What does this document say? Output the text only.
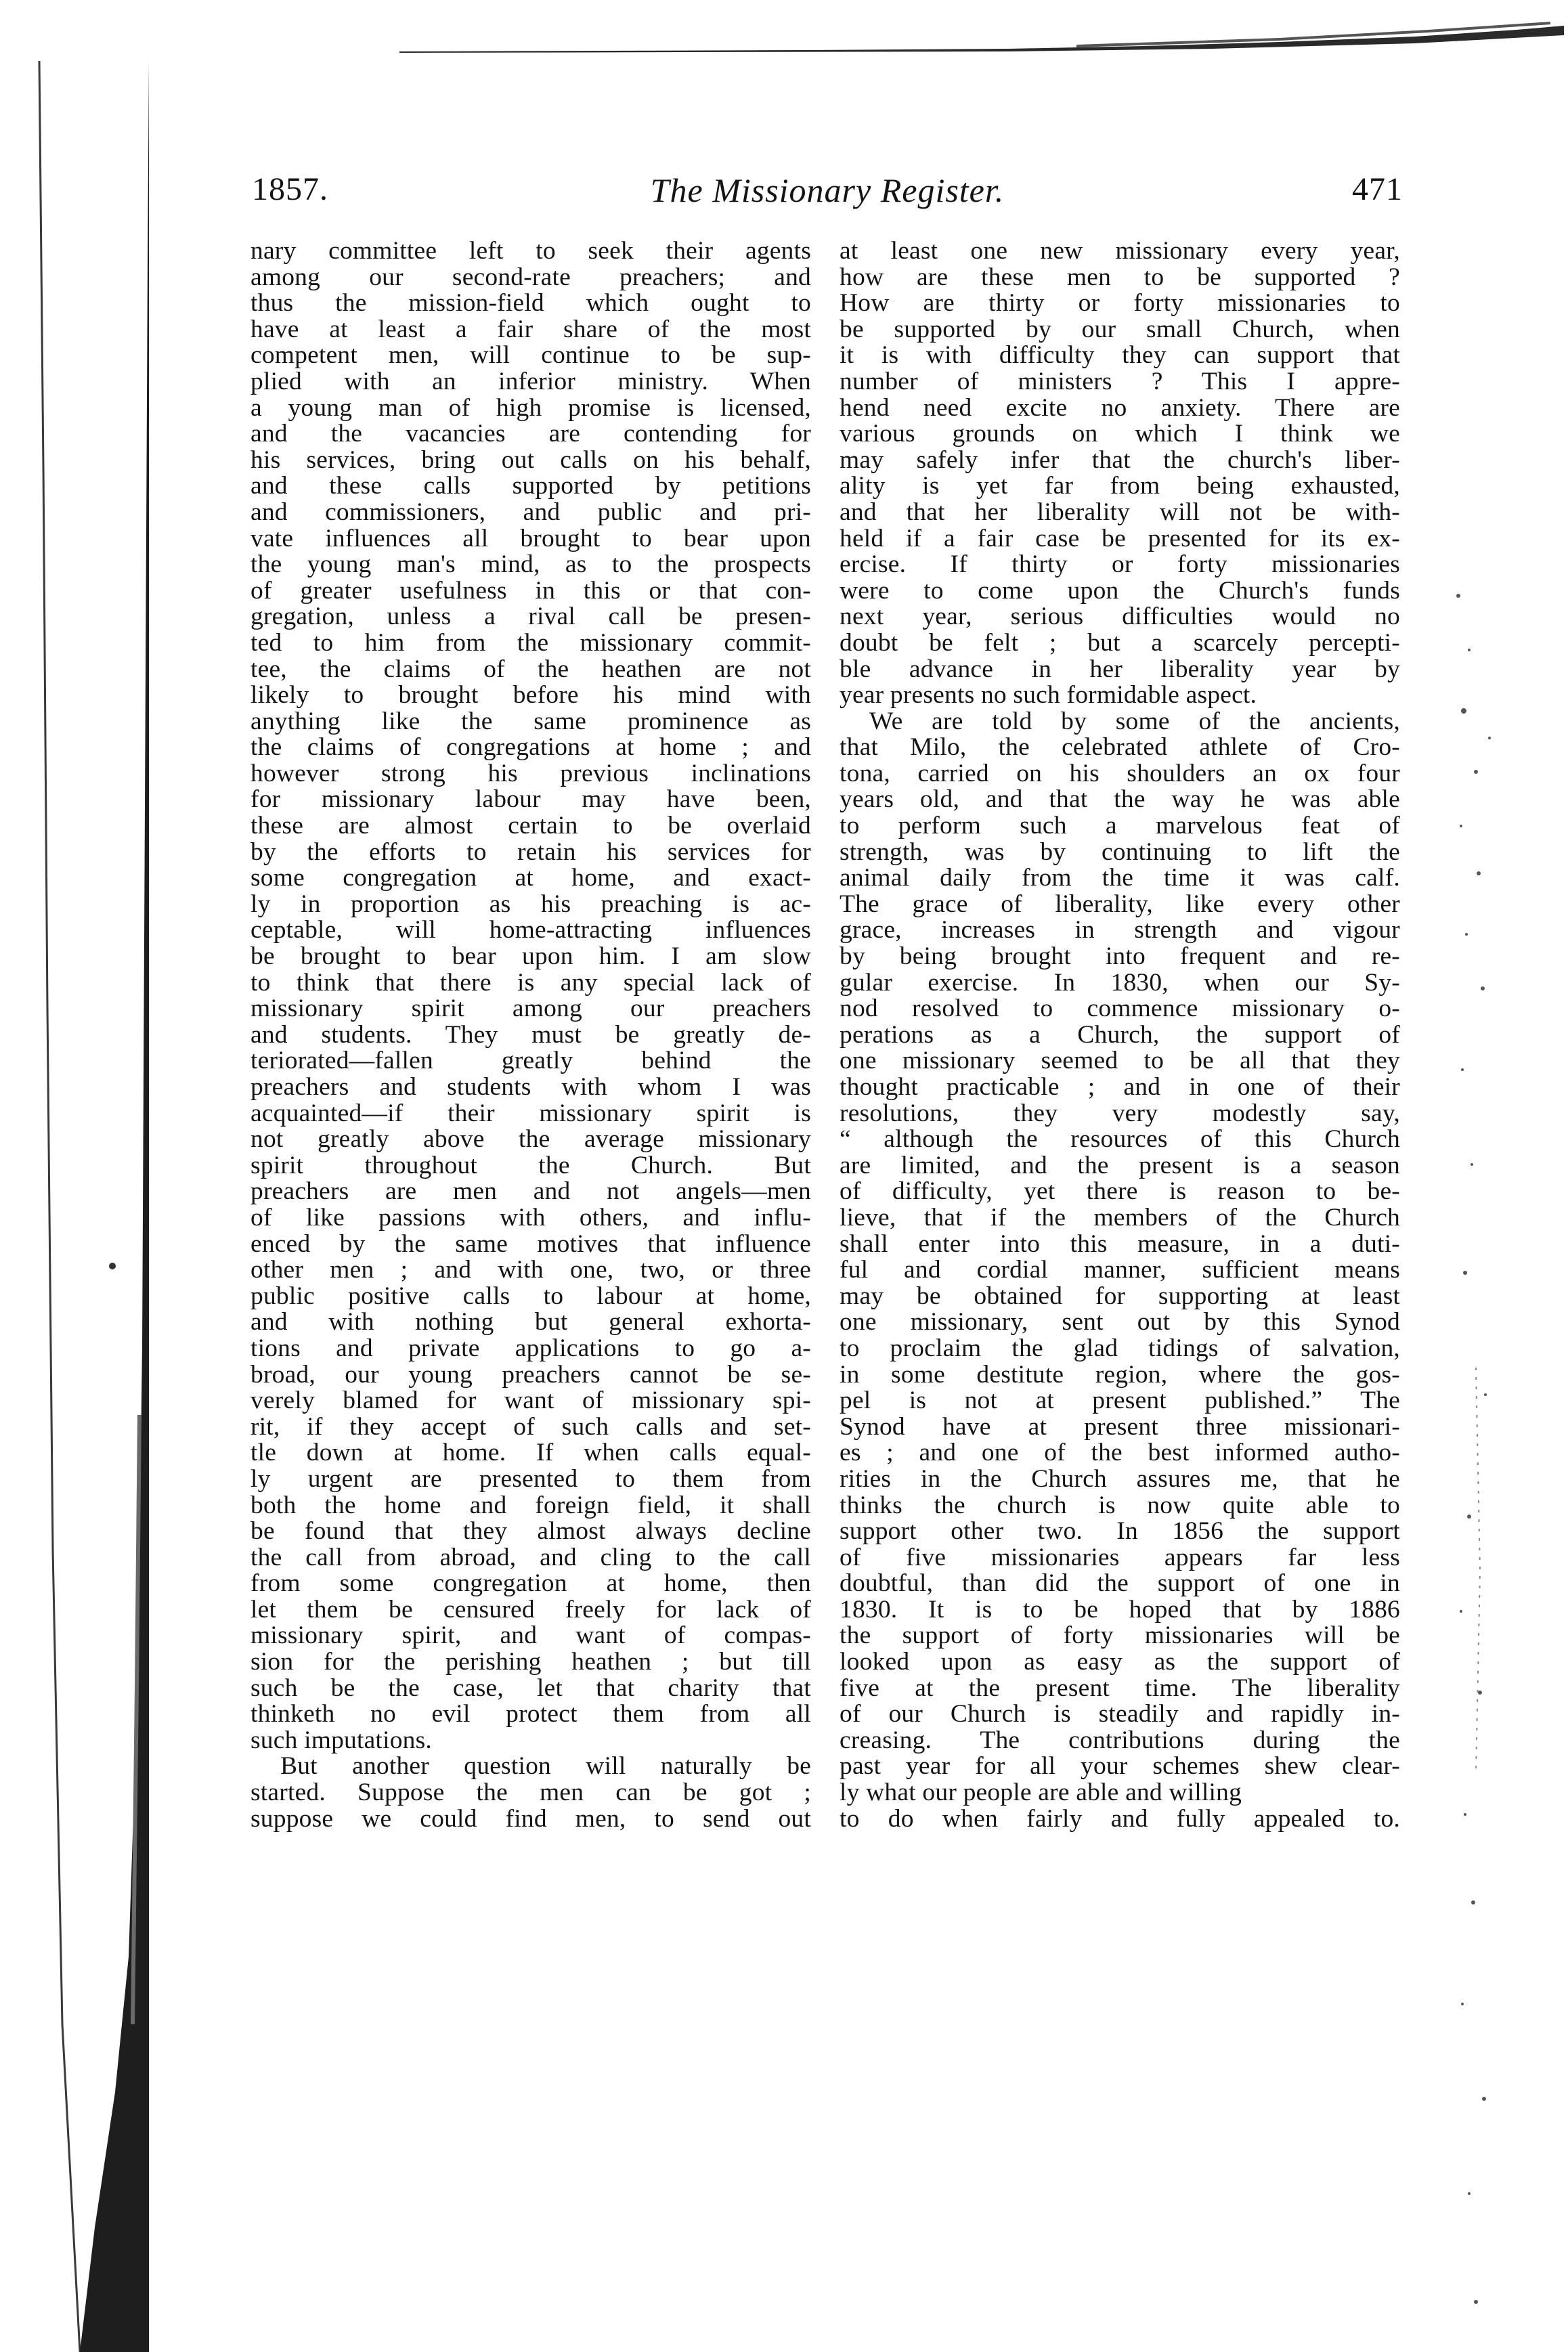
1857.	The Missionary Register.	471
nary committee left to seek their agents
among our second-rate preachers; and
thus the mission-field which ought to
have at least a fair share of the most
competent men, will continue to be sup-
plied with an inferior ministry. When
a young man of high promise is licensed,
and the vacancies are contending for
his services, bring out calls on his behalf,
and these calls supported by petitions
and commissioners, and public and pri-
vate influences all brought to bear upon
the young man's mind, as to the prospects
of greater usefulness in this or that con-
gregation, unless a rival call be presen-
ted to him from the missionary commit-
tee, the claims of the heathen are not
likely to brought before his mind with
anything like the same prominence as
the claims of congregations at home ; and
however strong his previous inclinations
for missionary labour may have been,
these are almost certain to be overlaid
by the efforts to retain his services for
some congregation at home, and exact-
ly in proportion as his preaching is ac-
ceptable, will home-attracting influences
be brought to bear upon him. I am slow
to think that there is any special lack of
missionary spirit among our preachers
and students. They must be greatly de-
teriorated—fallen greatly behind the
preachers and students with whom I was
acquainted—if their missionary spirit is
not greatly above the average missionary
spirit throughout the Church. But
preachers are men and not angels—men
of like passions with others, and influ-
enced by the same motives that influence
other men ; and with one, two, or three
public positive calls to labour at home,
and with nothing but general exhorta-
tions and private applications to go a-
broad, our young preachers cannot be se-
verely blamed for want of missionary spi-
rit, if they accept of such calls and set-
tle down at home. If when calls equal-
ly urgent are presented to them from
both the home and foreign field, it shall
be found that they almost always decline
the call from abroad, and cling to the call
from some congregation at home, then
let them be censured freely for lack of
missionary spirit, and want of compas-
sion for the perishing heathen ; but till
such be the case, let that charity that
thinketh no evil protect them from all
such imputations.
But another question will naturally be
started. Suppose the men can be got ;
suppose we could find men, to send out
at least one new missionary every year,
how are these men to be supported ?
How are thirty or forty missionaries to
be supported by our small Church, when
it is with difficulty they can support that
number of ministers ? This I appre-
hend need excite no anxiety. There are
various grounds on which I think we
may safely infer that the church's liber-
ality is yet far from being exhausted,
and that her liberality will not be with-
held if a fair case be presented for its ex-
ercise. If thirty or forty missionaries
were to come upon the Church's funds
next year, serious difficulties would no
doubt be felt ; but a scarcely percepti-
ble advance in her liberality year by
year presents no such formidable aspect.
We are told by some of the ancients,
that Milo, the celebrated athlete of Cro-
tona, carried on his shoulders an ox four
years old, and that the way he was able
to perform such a marvelous feat of
strength, was by continuing to lift the
animal daily from the time it was calf.
The grace of liberality, like every other
grace, increases in strength and vigour
by being brought into frequent and re-
gular exercise. In 1830, when our Sy-
nod resolved to commence missionary o-
perations as a Church, the support of
one missionary seemed to be all that they
thought practicable ; and in one of their
resolutions, they very modestly say,
“ although the resources of this Church
are limited, and the present is a season
of difficulty, yet there is reason to be-
lieve, that if the members of the Church
shall enter into this measure, in a duti-
ful and cordial manner, sufficient means
may be obtained for supporting at least
one missionary, sent out by this Synod
to proclaim the glad tidings of salvation,
in some destitute region, where the gos-
pel is not at present published.” The
Synod have at present three missionari-
es ; and one of the best informed autho-
rities in the Church assures me, that he
thinks the church is now quite able to
support other two. In 1856 the support
of five missionaries appears far less
doubtful, than did the support of one in
1830. It is to be hoped that by 1886
the support of forty missionaries will be
looked upon as easy as the support of
five at the present time. The liberality
of our Church is steadily and rapidly in-
creasing. The contributions during the
past year for all your schemes shew clear-
ly what our people are able and willing
to do when fairly and fully appealed to.
